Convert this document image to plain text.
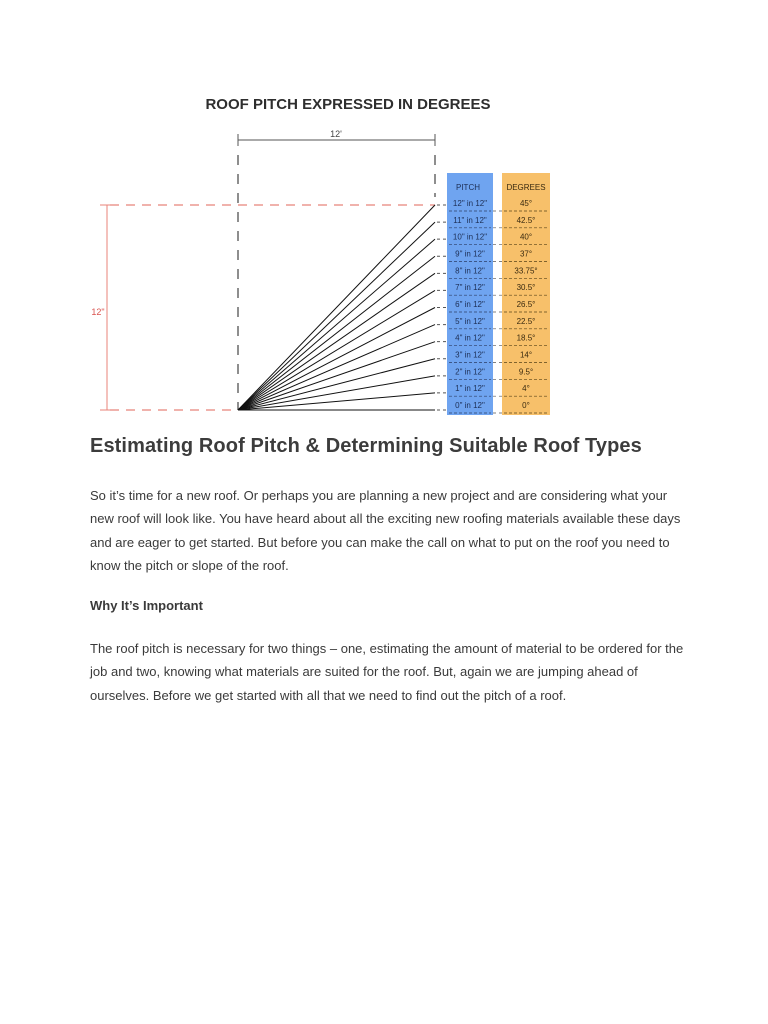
ROOF PITCH EXPRESSED IN DEGREES
12'
12"
12" in 12"	45°
11" in 12"	42.5°
10" in 12"	40°
9" in 12"	37°
8" in 12"	33.75°
7" in 12"	30.5°
6" in 12"	26.5°
5" in 12"	22.5°
4" in 12"	18.5°
3" in 12"	14°
2" in 12"	9.5°
1" in 12"	4°
0" in 12"	0°
PITCH	DEGREES
Estimating Roof Pitch & Determining Suitable Roof Types

So it’s time for a new roof. Or perhaps you are planning a new project and are considering what your new roof will look like. You have heard about all the exciting new roofing materials available these days and are eager to get started. But before you can make the call on what to put on the roof you need to know the pitch or slope of the roof.

Why It’s Important

The roof pitch is necessary for two things – one, estimating the amount of material to be ordered for the job and two, knowing what materials are suited for the roof. But, again we are jumping ahead of ourselves. Before we get started with all that we need to find out the pitch of a roof.
